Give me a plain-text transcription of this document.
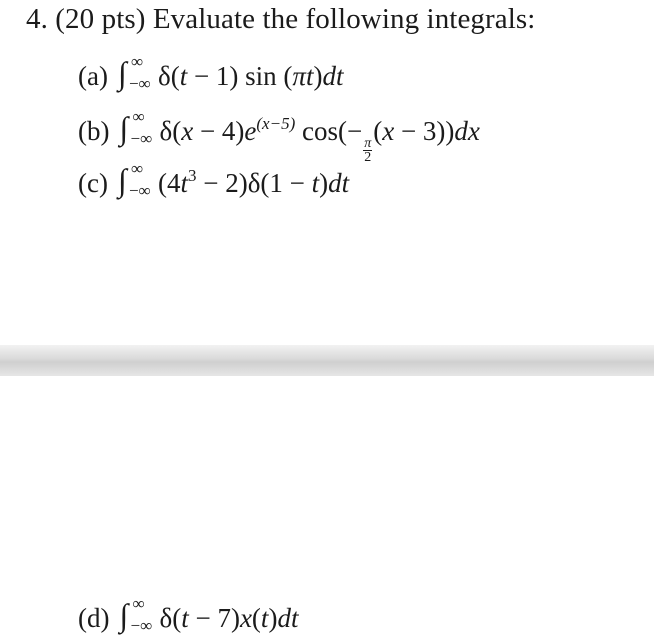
4. (20 pts) Evaluate the following integrals:
(a) ∫ ∞
−∞ δ(t − 1) sin (πt)dt
(b) ∫ ∞
−∞ $\delta(x - 4)e^{(x-5)}$ cos(−
$\frac{\pi}{2}$
(x − 3))dx
(c) ∫ ∞
−∞ $(4t^3 - 2)\delta(1 - t)dt$
(d) ∫ ∞
−∞ δ(t − 7)x(t)dt
